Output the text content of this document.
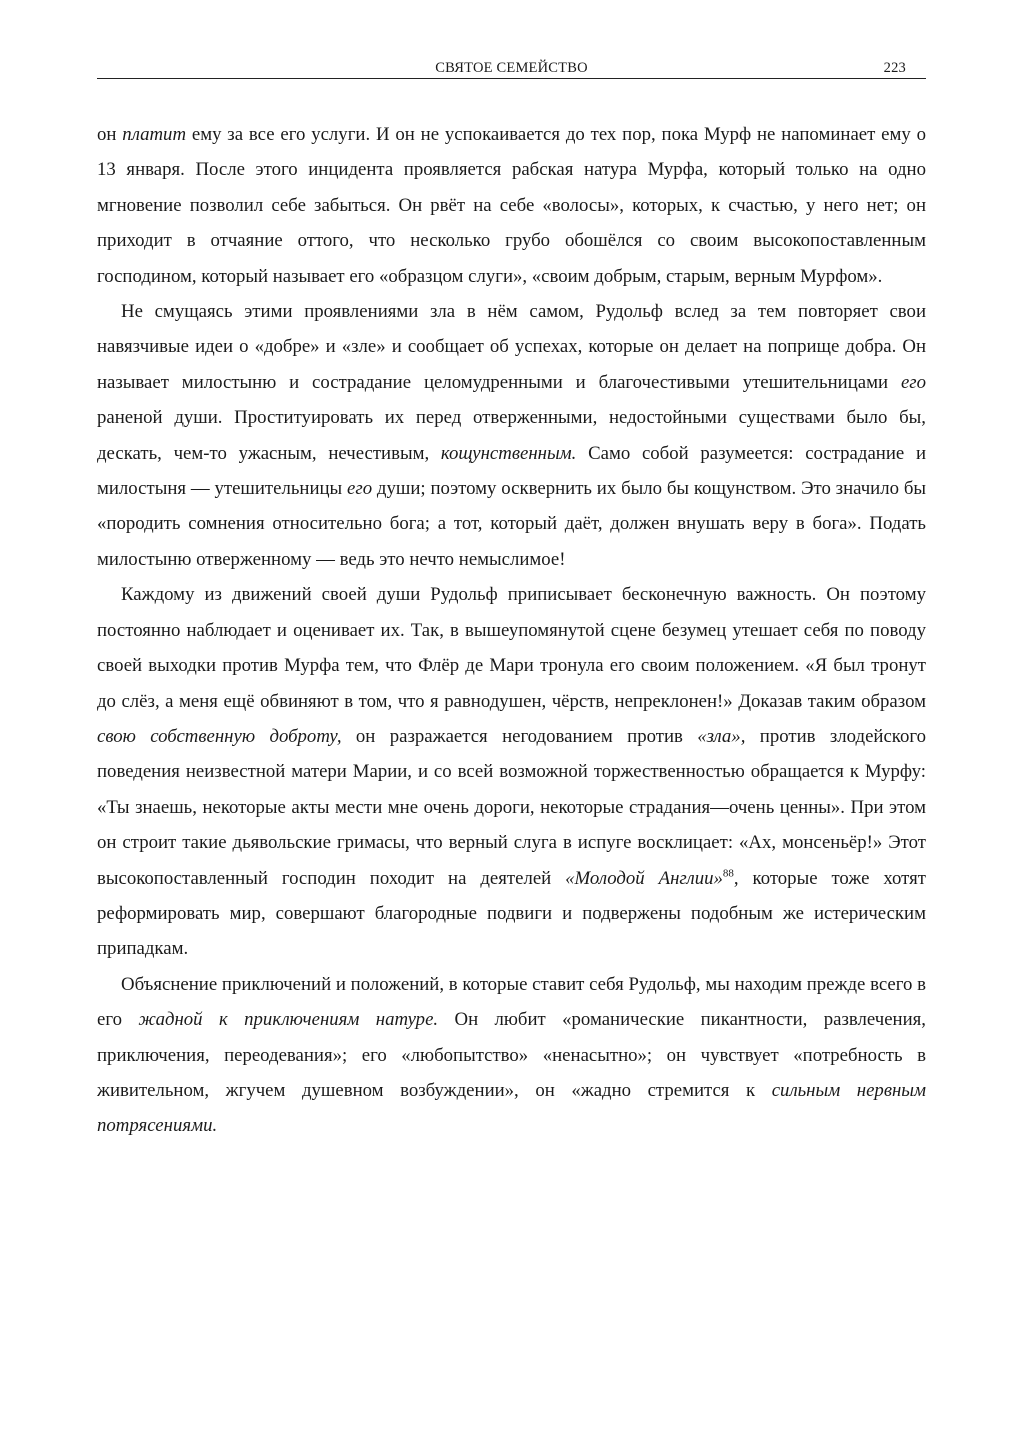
СВЯТОЕ СЕМЕЙСТВО	223

он платит ему за все его услуги. И он не успокаивается до тех пор, пока Мурф не напоминает ему о 13 января. После этого инцидента проявляется рабская натура Мурфа, который только на одно мгновение позволил себе забыться. Он рвёт на себе «волосы», которых, к счастью, у него нет; он приходит в отчаяние оттого, что несколько грубо обошёлся со своим высокопоставленным господином, который называет его «образцом слуги», «своим добрым, старым, верным Мурфом».

Не смущаясь этими проявлениями зла в нём самом, Рудольф вслед за тем повторяет свои навязчивые идеи о «добре» и «зле» и сообщает об успехах, которые он делает на поприще добра. Он называет милостыню и сострадание целомудренными и благочестивыми утешительницами его раненой души. Проституировать их перед отверженными, недостойными существами было бы, дескать, чем-то ужасным, нечестивым, кощунственным. Само собой разумеется: сострадание и милостыня — утешительницы его души; поэтому осквернить их было бы кощунством. Это значило бы «породить сомнения относительно бога; а тот, который даёт, должен внушать веру в бога». Подать милостыню отверженному — ведь это нечто немыслимое!

Каждому из движений своей души Рудольф приписывает бесконечную важность. Он поэтому постоянно наблюдает и оценивает их. Так, в вышеупомянутой сцене безумец утешает себя по поводу своей выходки против Мурфа тем, что Флёр де Мари тронула его своим положением. «Я был тронут до слёз, а меня ещё обвиняют в том, что я равнодушен, чёрств, непреклонен!» Доказав таким образом свою собственную доброту, он разражается негодованием против «зла», против злодейского поведения неизвестной матери Марии, и со всей возможной торжественностью обращается к Мурфу: «Ты знаешь, некоторые акты мести мне очень дороги, некоторые страдания—очень ценны». При этом он строит такие дьявольские гримасы, что верный слуга в испуге восклицает: «Ах, монсеньёр!» Этот высокопоставленный господин походит на деятелей «Молодой Англии»$^{88}$, которые тоже хотят реформировать мир, совершают благородные подвиги и подвержены подобным же истерическим припадкам.

Объяснение приключений и положений, в которые ставит себя Рудольф, мы находим прежде всего в его жадной к приключениям натуре. Он любит «романические пикантности, развлечения, приключения, переодевания»; его «любопытство» «ненасытно»; он чувствует «потребность в живительном, жгучем душевном возбуждении», он «жадно стремится к сильным нервным потрясениями.
